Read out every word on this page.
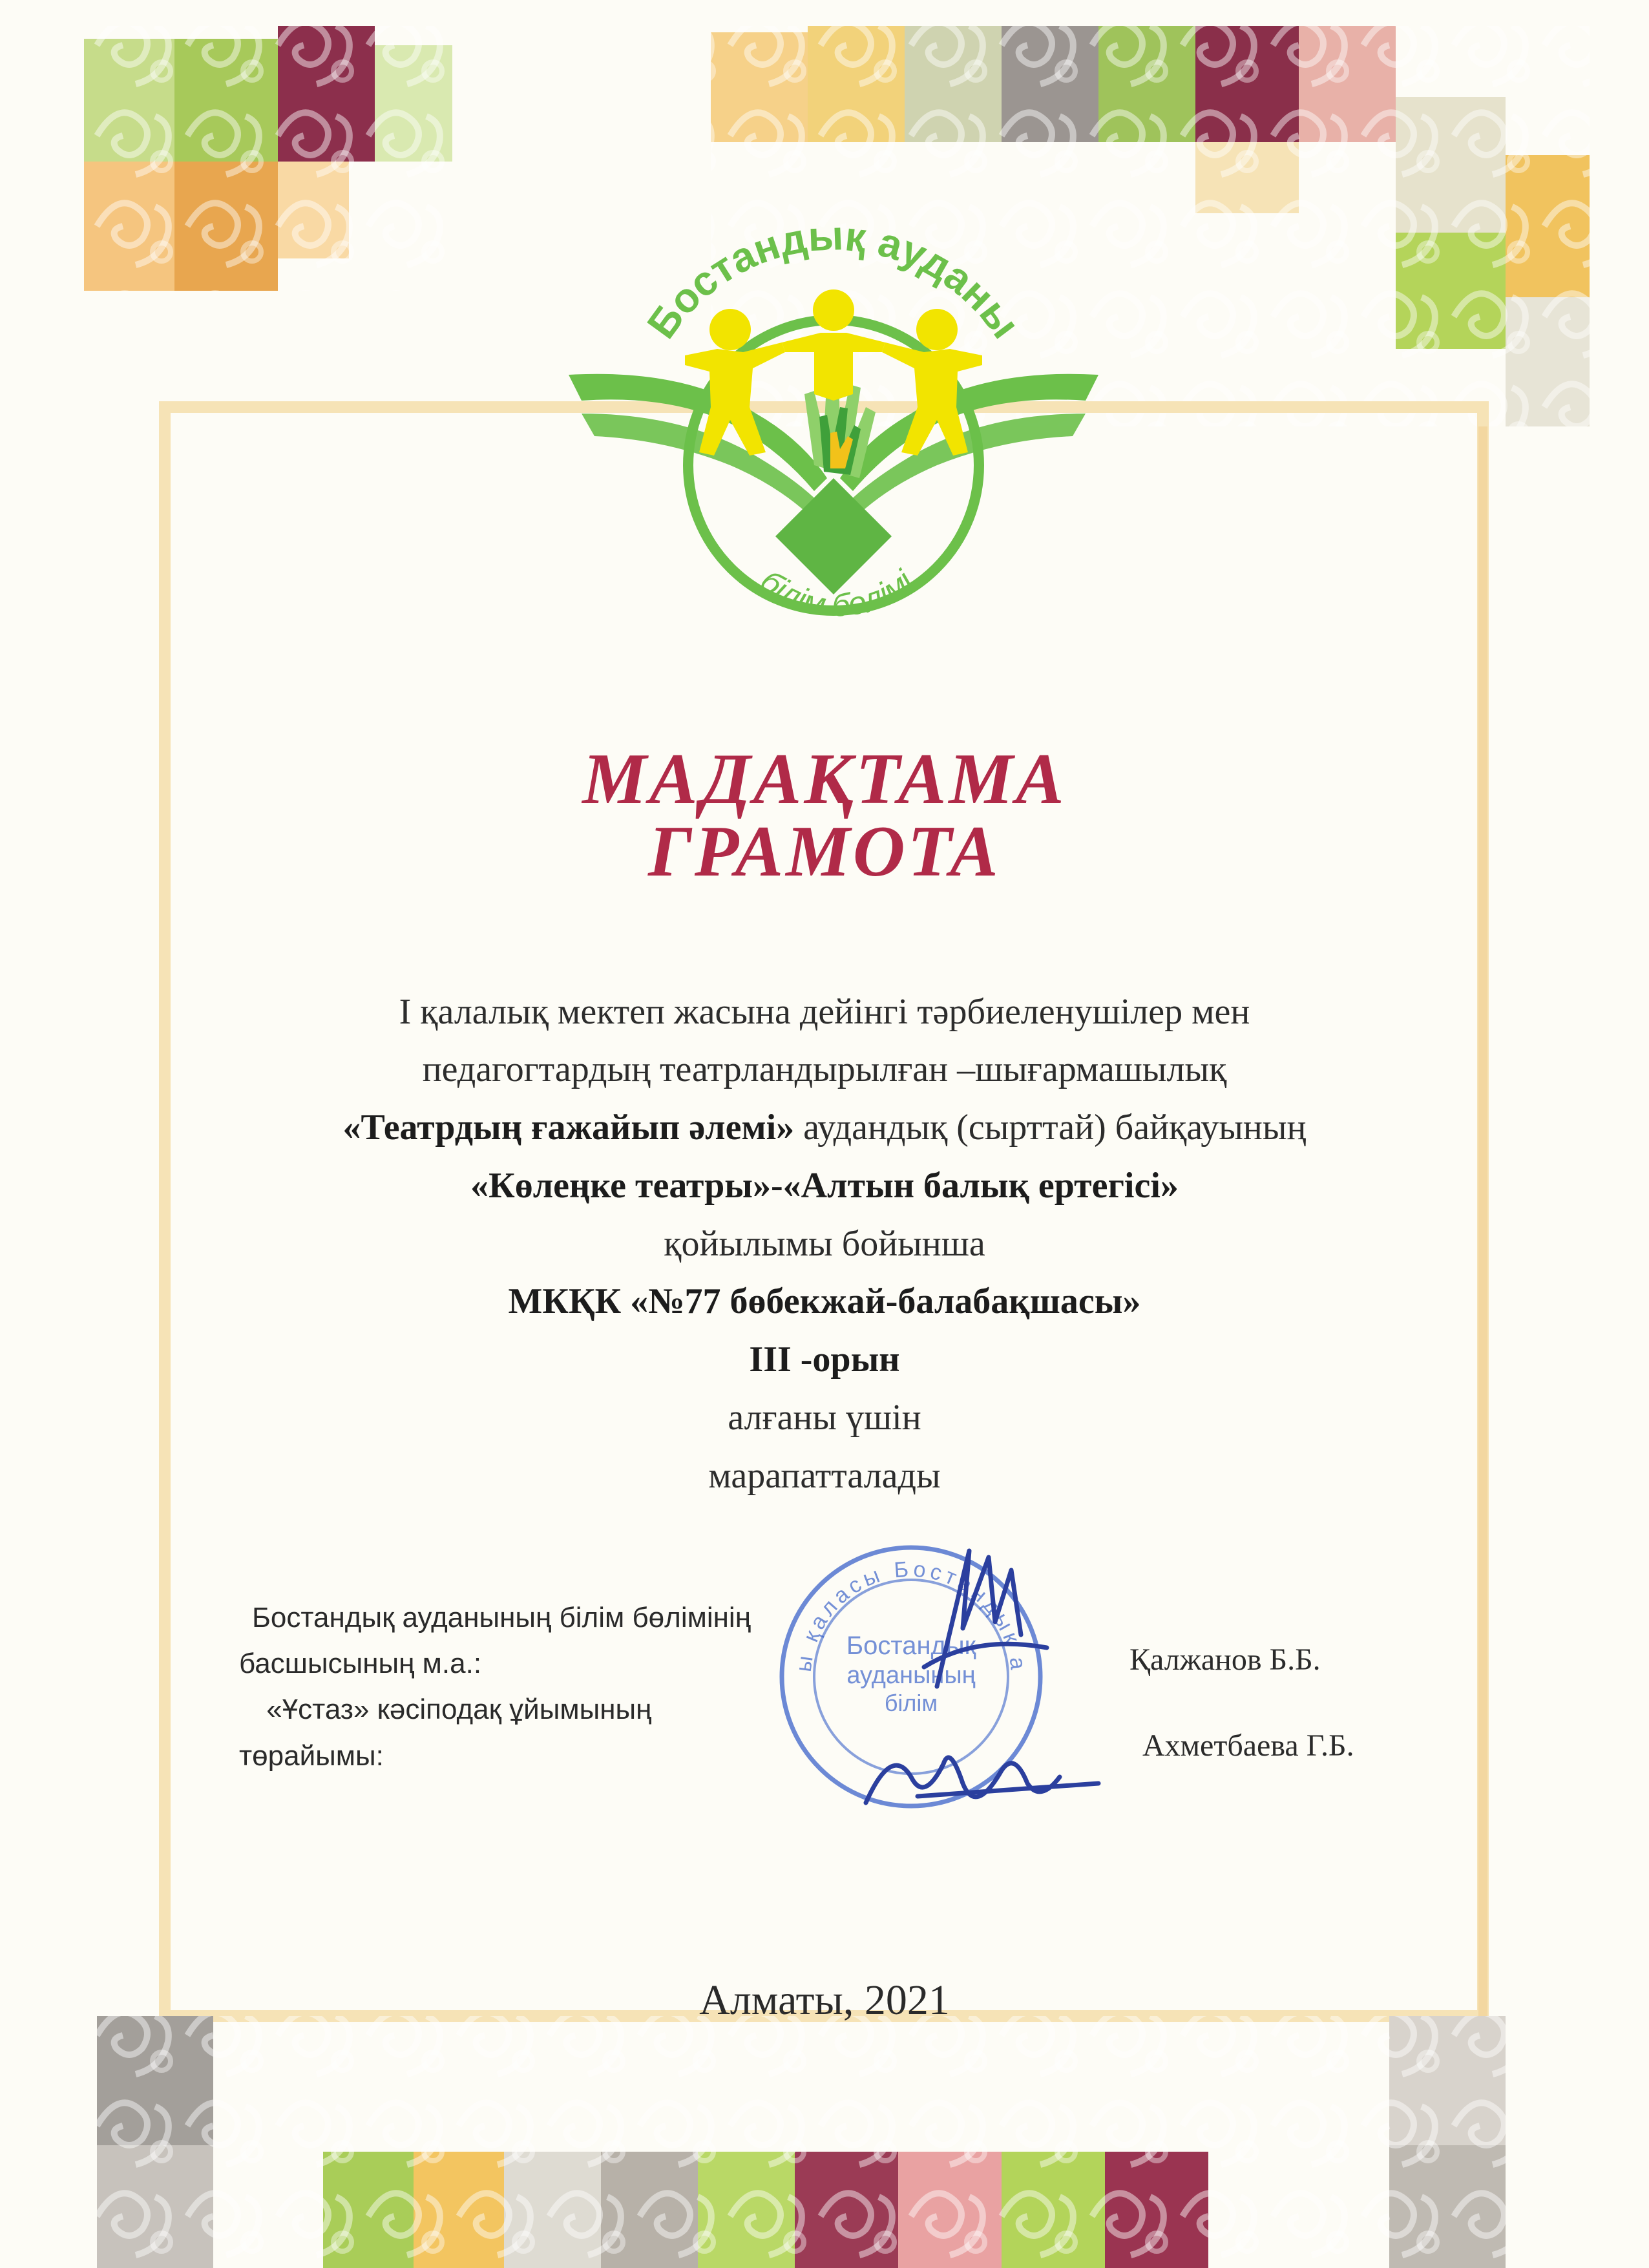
Бостандық ауданы
білім бөлімі
МАДАҚТАМА
ГРАМОТА
І қалалық мектеп жасына дейінгі тәрбиеленушілер мен
педагогтардың театрландырылған –шығармашылық
«Театрдың ғажайып әлемі» аудандық (сырттай) байқауының
«Көлеңке театры»-«Алтын балық ертегісі»
қойылымы бойынша
МКҚК «№77 бөбекжай-балабақшасы»
ІІІ -орын
алғаны үшін
марапатталады
ы қаласы Бостандық а
Бостандық
ауданының
білім
Бостандық ауданының білім бөлімінің
басшысының м.а.:	Қалжанов Б.Б.
«Ұстаз» кәсіподақ ұйымының
төрайымы:	Ахметбаева Г.Б.
Алматы, 2021
